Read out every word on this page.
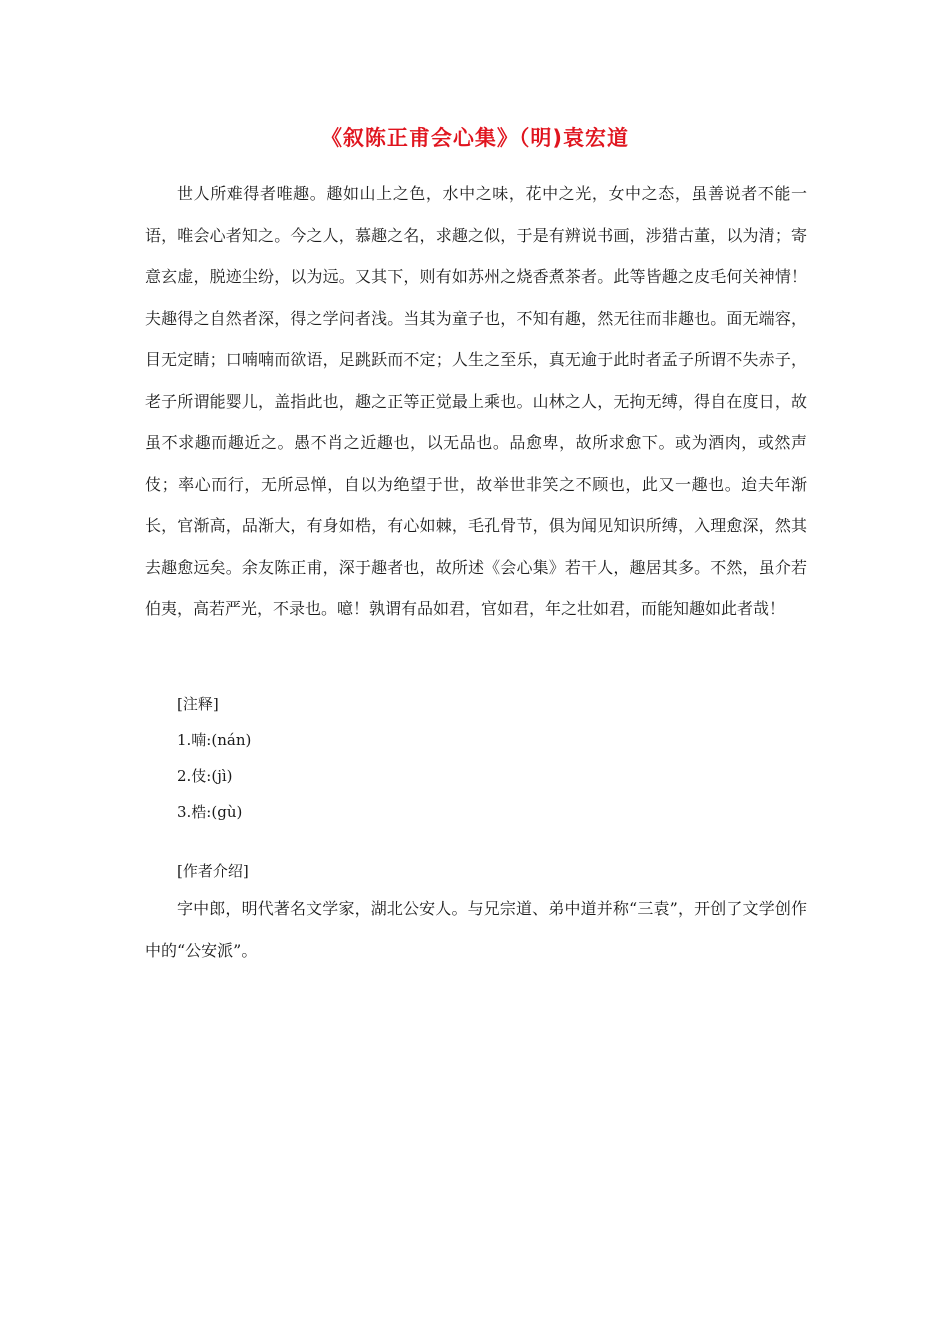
《叙陈正甫会心集》（明)袁宏道

世人所难得者唯趣。趣如山上之色，水中之味，花中之光，女中之态，虽善说者不能一语，唯会心者知之。今之人，慕趣之名，求趣之似，于是有辨说书画，涉猎古董，以为清；寄意玄虚，脱迹尘纷，以为远。又其下，则有如苏州之烧香煮茶者。此等皆趣之皮毛何关神情！夫趣得之自然者深，得之学问者浅。当其为童子也，不知有趣，然无往而非趣也。面无端容，目无定睛；口喃喃而欲语，足跳跃而不定；人生之至乐，真无逾于此时者孟子所谓不失赤子，老子所谓能婴儿，盖指此也，趣之正等正觉最上乘也。山林之人，无拘无缚，得自在度日，故虽不求趣而趣近之。愚不肖之近趣也，以无品也。品愈卑，故所求愈下。或为酒肉，或然声伎；率心而行，无所忌惮，自以为绝望于世，故举世非笑之不顾也，此又一趣也。迨夫年渐长，官渐高，品渐大，有身如梏，有心如棘，毛孔骨节，俱为闻见知识所缚，入理愈深，然其去趣愈远矣。余友陈正甫，深于趣者也，故所述《会心集》若干人，趣居其多。不然，虽介若伯夷，高若严光，不录也。噫！孰谓有品如君，官如君，年之壮如君，而能知趣如此者哉！

[注释]
1.喃:(nán)
2.伎:(jì)
3.梏:(gù)
[作者介绍]

字中郎，明代著名文学家，湖北公安人。与兄宗道、弟中道并称“三袁”，开创了文学创作中的“公安派”。
